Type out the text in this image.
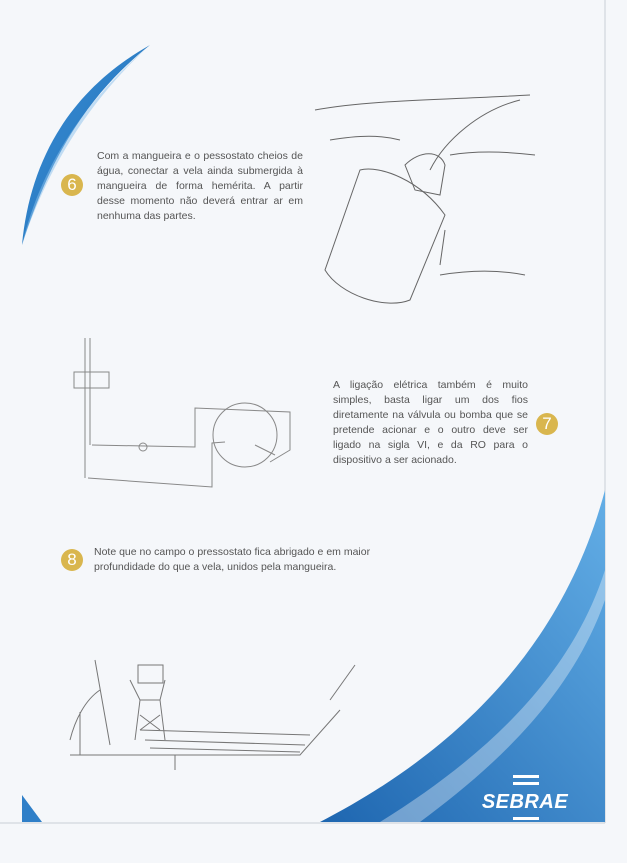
6
Com a mangueira e o pessostato cheios de água, conectar a vela ainda submergida à mangueira de forma hemérita. A partir desse momento não deverá entrar ar em nenhuma das partes.
A ligação elétrica também é muito simples, basta ligar um dos fios diretamente na válvula ou bomba que se pretende acionar e o outro deve ser ligado na sigla VI, e da RO para o dispositivo a ser acionado.
7
8	Note que no campo o pressostato fica abrigado e em maior profundidade do que a vela, unidos pela mangueira.
SEBRAE
